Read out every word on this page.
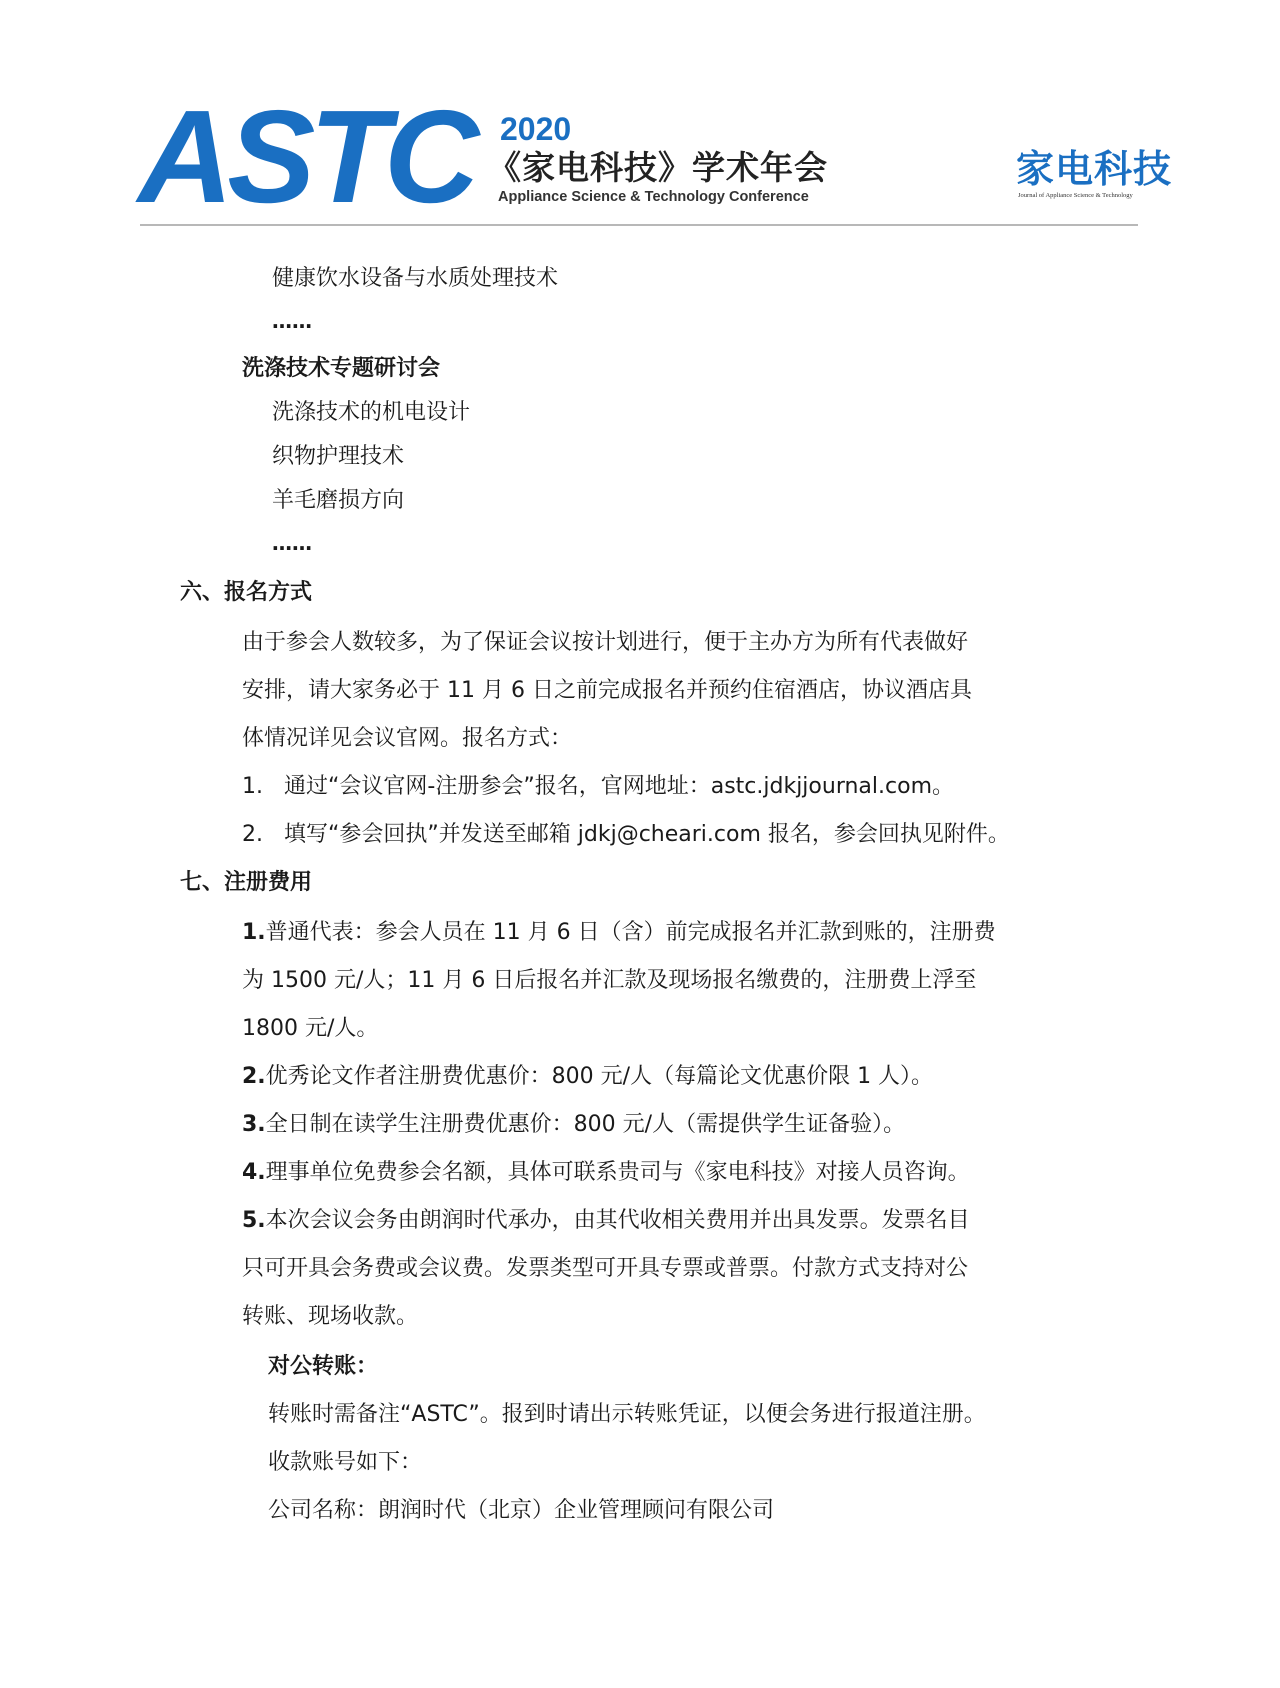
ASTC 2020
《家电科技》学术年会
Appliance Science & Technology Conference
家电科技
Journal of Appliance Science & Technology
健康饮水设备与水质处理技术
……
洗涤技术专题研讨会
洗涤技术的机电设计
织物护理技术
羊毛磨损方向
……
六、报名方式
由于参会人数较多，为了保证会议按计划进行，便于主办方为所有代表做好
安排，请大家务必于 11 月 6 日之前完成报名并预约住宿酒店，协议酒店具
体情况详见会议官网。报名方式：
1. 通过“会议官网-注册参会”报名，官网地址：astc.jdkjjournal.com。
2. 填写“参会回执”并发送至邮箱 jdkj@cheari.com 报名，参会回执见附件。
七、注册费用
1.普通代表：参会人员在 11 月 6 日（含）前完成报名并汇款到账的，注册费
为 1500 元/人；11 月 6 日后报名并汇款及现场报名缴费的，注册费上浮至
1800 元/人。
2.优秀论文作者注册费优惠价：800 元/人（每篇论文优惠价限 1 人）。
3.全日制在读学生注册费优惠价：800 元/人（需提供学生证备验）。
4.理事单位免费参会名额，具体可联系贵司与《家电科技》对接人员咨询。
5.本次会议会务由朗润时代承办，由其代收相关费用并出具发票。发票名目
只可开具会务费或会议费。发票类型可开具专票或普票。付款方式支持对公
转账、现场收款。
对公转账：
转账时需备注“ASTC”。报到时请出示转账凭证，以便会务进行报道注册。
收款账号如下：
公司名称：朗润时代（北京）企业管理顾问有限公司
